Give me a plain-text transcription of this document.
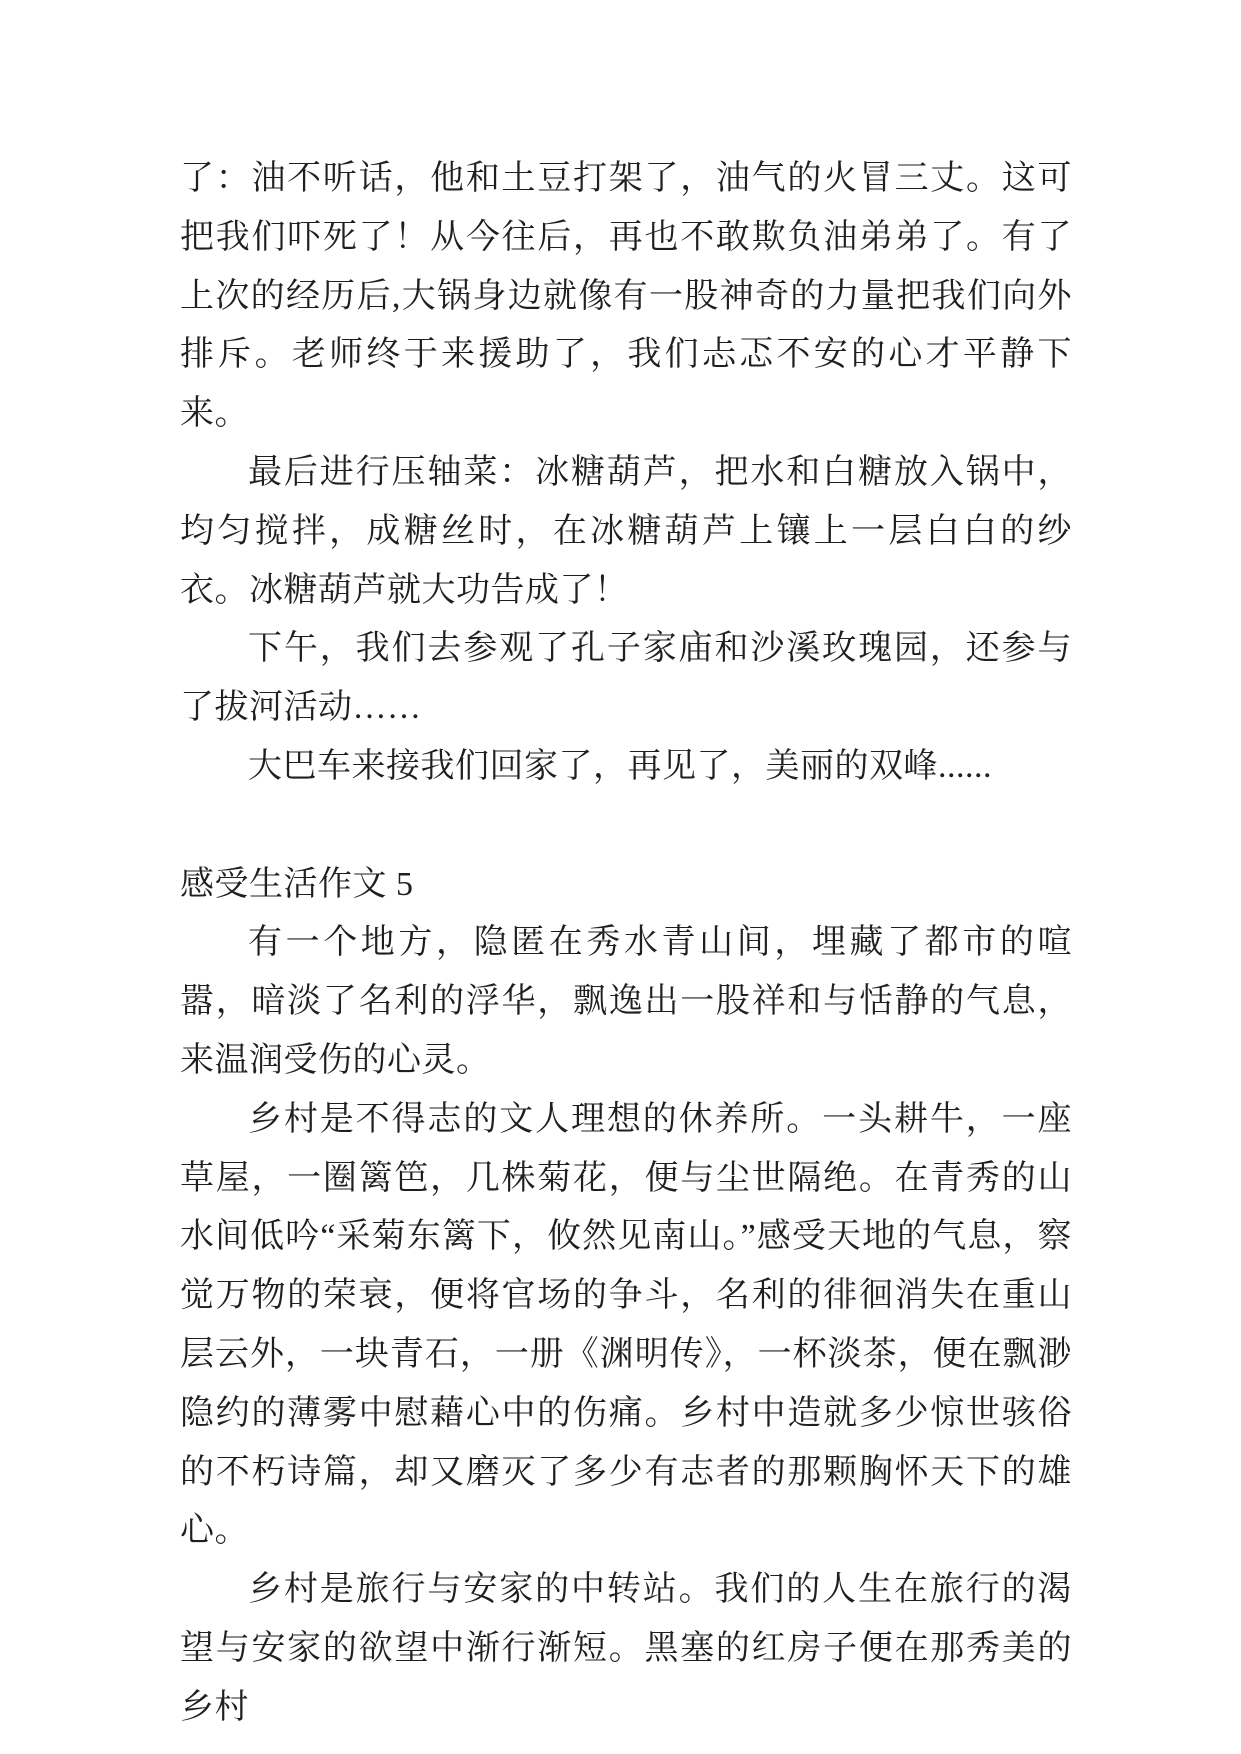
了：油不听话，他和土豆打架了，油气的火冒三丈。这可把我们吓死了！从今往后，再也不敢欺负油弟弟了。有了上次的经历后,大锅身边就像有一股神奇的力量把我们向外排斥。老师终于来援助了，我们忐忑不安的心才平静下来。

最后进行压轴菜：冰糖葫芦，把水和白糖放入锅中，均匀搅拌，成糖丝时，在冰糖葫芦上镶上一层白白的纱衣。冰糖葫芦就大功告成了！

下午，我们去参观了孔子家庙和沙溪玫瑰园，还参与了拔河活动……

大巴车来接我们回家了，再见了，美丽的双峰......

感受生活作文 5

有一个地方，隐匿在秀水青山间，埋藏了都市的喧嚣，暗淡了名利的浮华，飘逸出一股祥和与恬静的气息，来温润受伤的心灵。

乡村是不得志的文人理想的休养所。一头耕牛，一座草屋，一圈篱笆，几株菊花，便与尘世隔绝。在青秀的山水间低吟“采菊东篱下，攸然见南山。”感受天地的气息，察觉万物的荣衰，便将官场的争斗，名利的徘徊消失在重山层云外，一块青石，一册《渊明传》，一杯淡茶，便在飘渺隐约的薄雾中慰藉心中的伤痛。乡村中造就多少惊世骇俗的不朽诗篇，却又磨灭了多少有志者的那颗胸怀天下的雄心。

乡村是旅行与安家的中转站。我们的人生在旅行的渴望与安家的欲望中渐行渐短。黑塞的红房子便在那秀美的乡村
